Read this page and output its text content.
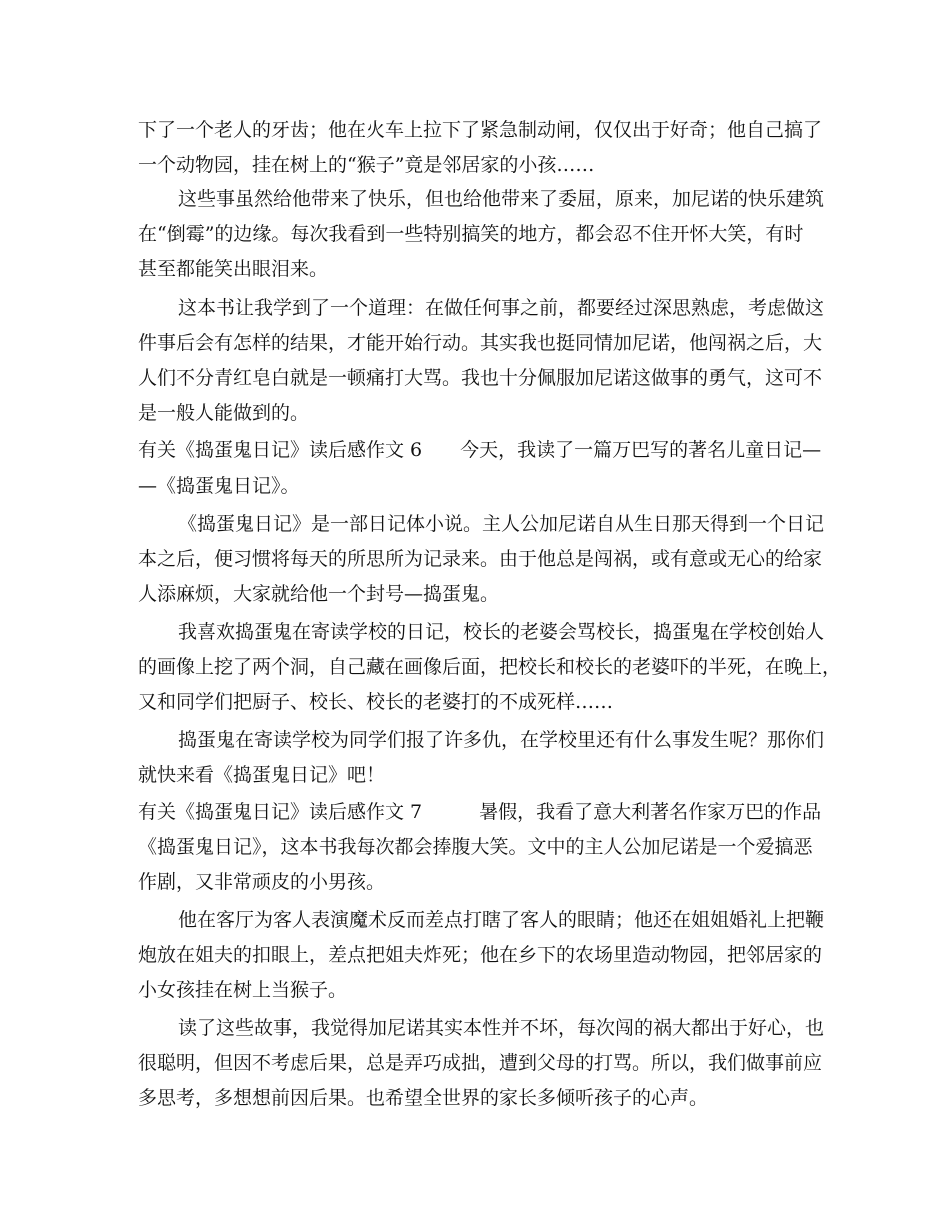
下了一个老人的牙齿；他在火车上拉下了紧急制动闸，仅仅出于好奇；他自己搞了
一个动物园，挂在树上的“猴子”竟是邻居家的小孩……
这些事虽然给他带来了快乐，但也给他带来了委屈，原来，加尼诺的快乐建筑
在“倒霉”的边缘。每次我看到一些特别搞笑的地方，都会忍不住开怀大笑，有时
甚至都能笑出眼泪来。
这本书让我学到了一个道理：在做任何事之前，都要经过深思熟虑，考虑做这
件事后会有怎样的结果，才能开始行动。其实我也挺同情加尼诺，他闯祸之后，大
人们不分青红皂白就是一顿痛打大骂。我也十分佩服加尼诺这做事的勇气，这可不
是一般人能做到的。
有关《捣蛋鬼日记》读后感作文 6　　今天，我读了一篇万巴写的著名儿童日记—
—《捣蛋鬼日记》。
《捣蛋鬼日记》是一部日记体小说。主人公加尼诺自从生日那天得到一个日记
本之后，便习惯将每天的所思所为记录来。由于他总是闯祸，或有意或无心的给家
人添麻烦，大家就给他一个封号—捣蛋鬼。
我喜欢捣蛋鬼在寄读学校的日记，校长的老婆会骂校长，捣蛋鬼在学校创始人
的画像上挖了两个洞，自己藏在画像后面，把校长和校长的老婆吓的半死，在晚上，
又和同学们把厨子、校长、校长的老婆打的不成死样……
捣蛋鬼在寄读学校为同学们报了许多仇，在学校里还有什么事发生呢？那你们
就快来看《捣蛋鬼日记》吧！
有关《捣蛋鬼日记》读后感作文 7　　　暑假，我看了意大利著名作家万巴的作品
《捣蛋鬼日记》，这本书我每次都会捧腹大笑。文中的主人公加尼诺是一个爱搞恶
作剧，又非常顽皮的小男孩。
他在客厅为客人表演魔术反而差点打瞎了客人的眼睛；他还在姐姐婚礼上把鞭
炮放在姐夫的扣眼上，差点把姐夫炸死；他在乡下的农场里造动物园，把邻居家的
小女孩挂在树上当猴子。
读了这些故事，我觉得加尼诺其实本性并不坏，每次闯的祸大都出于好心，也
很聪明，但因不考虑后果，总是弄巧成拙，遭到父母的打骂。所以，我们做事前应
多思考，多想想前因后果。也希望全世界的家长多倾听孩子的心声。
